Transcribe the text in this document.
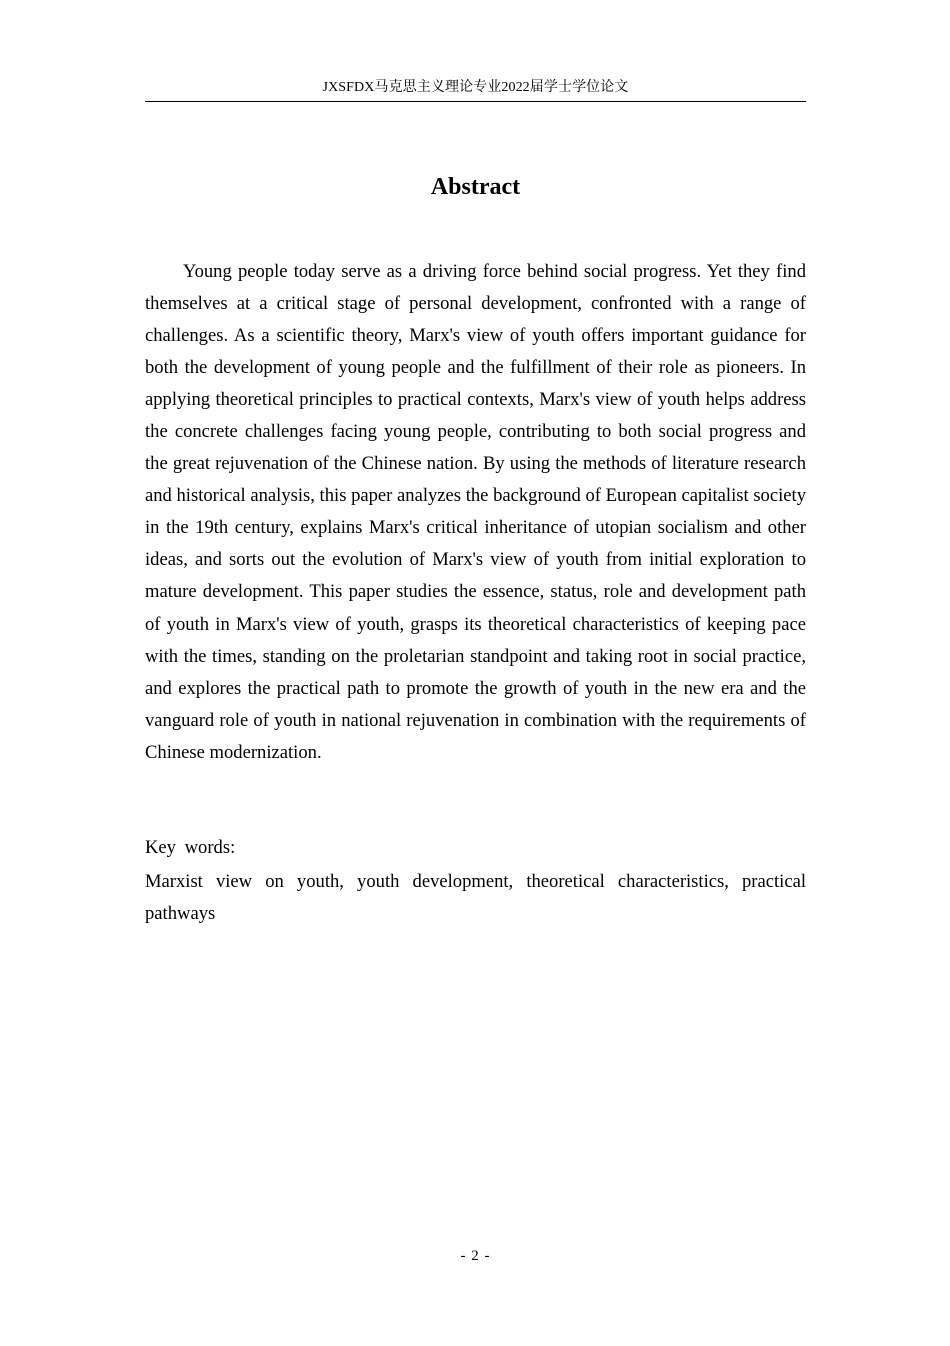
JXSFDX马克思主义理论专业2022届学士学位论文
Abstract

Young people today serve as a driving force behind social progress. Yet they find themselves at a critical stage of personal development, confronted with a range of challenges. As a scientific theory, Marx's view of youth offers important guidance for both the development of young people and the fulfillment of their role as pioneers. In applying theoretical principles to practical contexts, Marx's view of youth helps address the concrete challenges facing young people, contributing to both social progress and the great rejuvenation of the Chinese nation. By using the methods of literature research and historical analysis, this paper analyzes the background of European capitalist society in the 19th century, explains Marx's critical inheritance of utopian socialism and other ideas, and sorts out the evolution of Marx's view of youth from initial exploration to mature development. This paper studies the essence, status, role and development path of youth in Marx's view of youth, grasps its theoretical characteristics of keeping pace with the times, standing on the proletarian standpoint and taking root in social practice, and explores the practical path to promote the growth of youth in the new era and the vanguard role of youth in national rejuvenation in combination with the requirements of Chinese modernization.

Key words:

Marxist view on youth, youth development, theoretical characteristics, practical pathways

- 2 -
